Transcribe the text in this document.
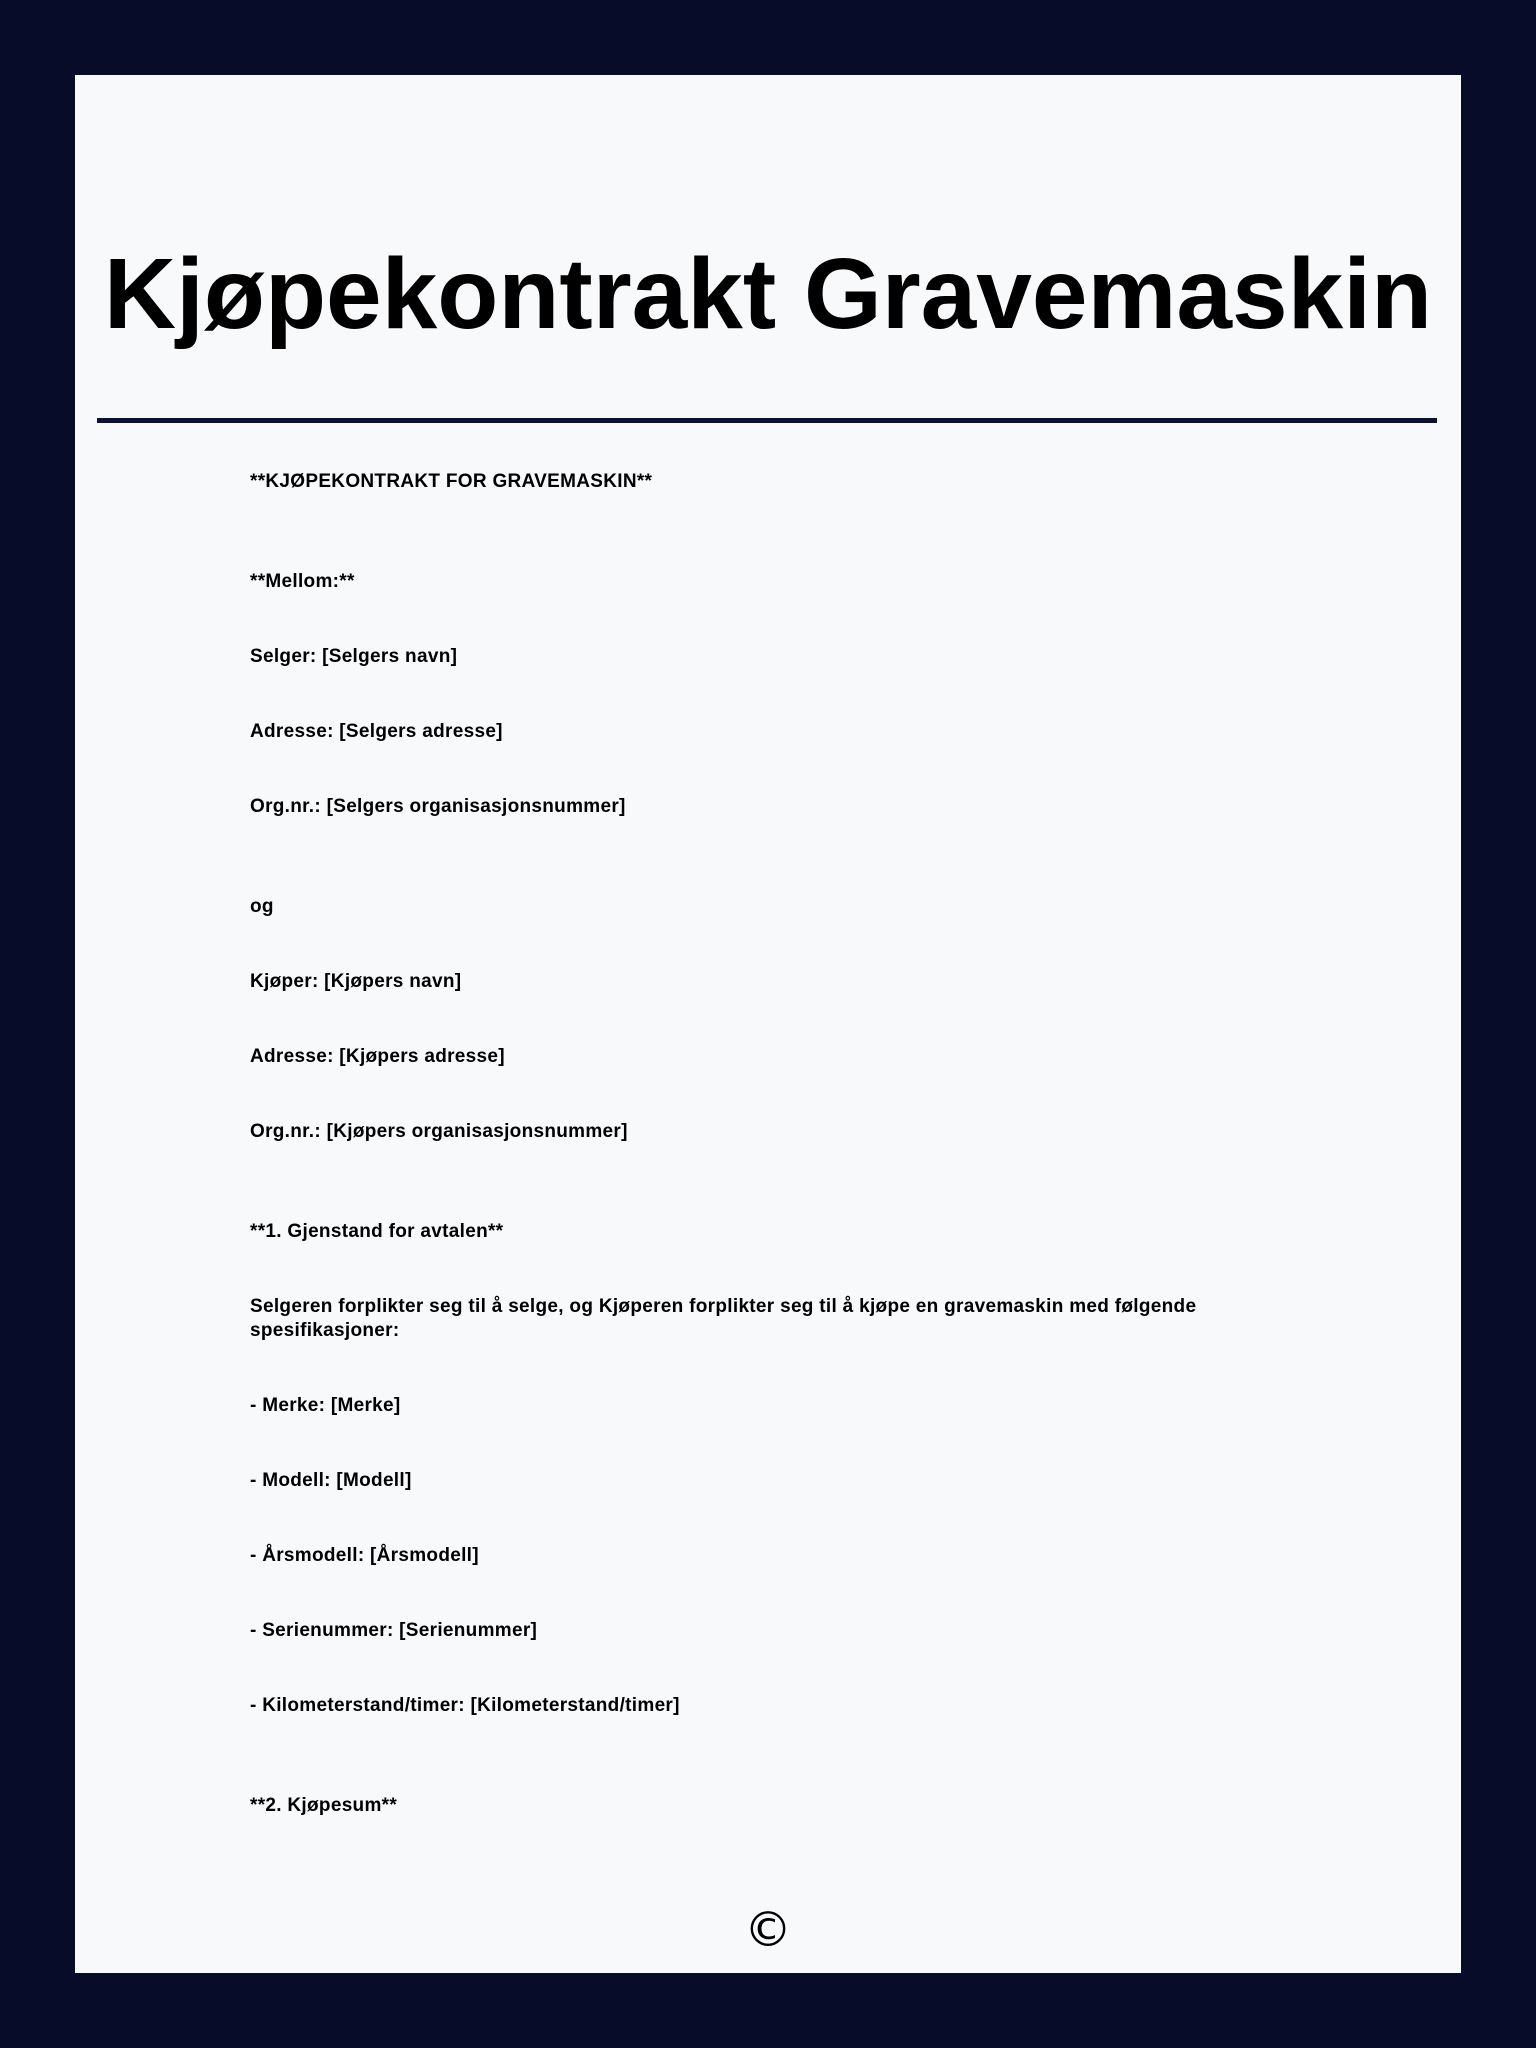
Kjøpekontrakt Gravemaskin

**KJØPEKONTRAKT FOR GRAVEMASKIN**

**Mellom:**

Selger: [Selgers navn]

Adresse: [Selgers adresse]

Org.nr.: [Selgers organisasjonsnummer]

og

Kjøper: [Kjøpers navn]

Adresse: [Kjøpers adresse]

Org.nr.: [Kjøpers organisasjonsnummer]

**1. Gjenstand for avtalen**

Selgeren forplikter seg til å selge, og Kjøperen forplikter seg til å kjøpe en gravemaskin med følgende spesifikasjoner:

- Merke: [Merke]

- Modell: [Modell]

- Årsmodell: [Årsmodell]

- Serienummer: [Serienummer]

- Kilometerstand/timer: [Kilometerstand/timer]

**2. Kjøpesum**

©
